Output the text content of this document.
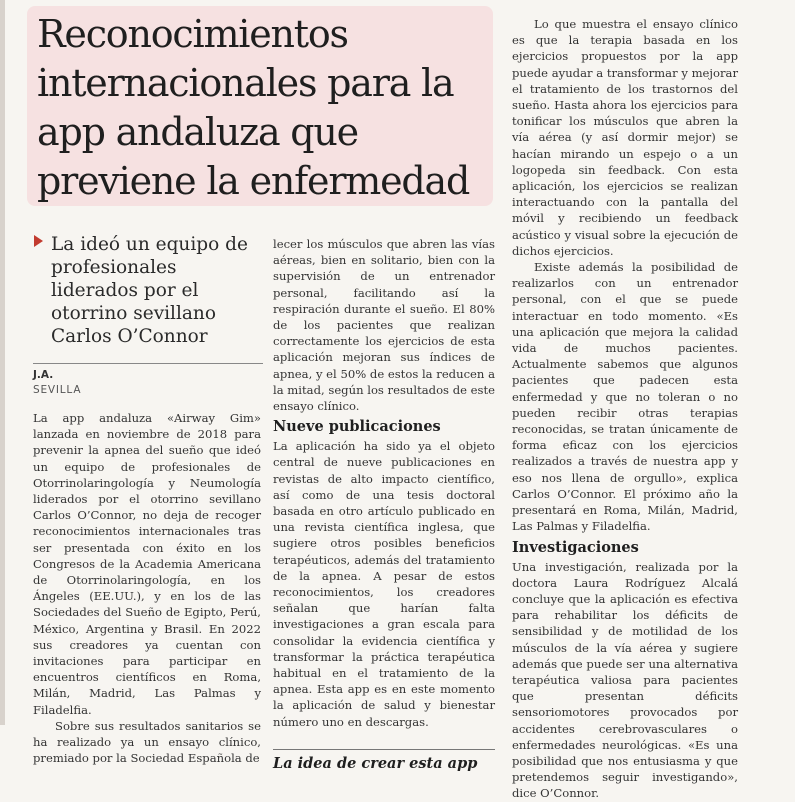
Reconocimientos internacionales para la app andaluza que previene la enfermedad

La ideó un equipo de profesionales liderados por el otorrino sevillano Carlos O’Connor

J.A.
SEVILLA

La app andaluza «Airway Gim» lanzada en noviembre de 2018 para prevenir la apnea del sueño que ideó un equipo de profesionales de Otorrinolaringología y Neumología liderados por el otorrino sevillano Carlos O’Connor, no deja de recoger reconocimientos internacionales tras ser presentada con éxito en los Congresos de la Academia Americana de Otorrinolaringología, en los Ángeles (EE.UU.), y en los de las Sociedades del Sueño de Egipto, Perú, México, Argentina y Brasil. En 2022 sus creadores ya cuentan con invitaciones para participar en encuentros científicos en Roma, Milán, Madrid, Las Palmas y Filadelfia.

Sobre sus resultados sanitarios se ha realizado ya un ensayo clínico, premiado por la Sociedad Española de

lecer los músculos que abren las vías aéreas, bien en solitario, bien con la supervisión de un entrenador personal, facilitando así la respiración durante el sueño. El 80% de los pacientes que realizan correctamente los ejercicios de esta aplicación mejoran sus índices de apnea, y el 50% de estos la reducen a la mitad, según los resultados de este ensayo clínico.

Nueve publicaciones

La aplicación ha sido ya el objeto central de nueve publicaciones en revistas de alto impacto científico, así como de una tesis doctoral basada en otro artículo publicado en una revista científica inglesa, que sugiere otros posibles beneficios terapéuticos, además del tratamiento de la apnea. A pesar de estos reconocimientos, los creadores señalan que harían falta investigaciones a gran escala para consolidar la evidencia científica y transformar la práctica terapéutica habitual en el tratamiento de la apnea. Esta app es en este momento la aplicación de salud y bienestar número uno en descargas.

La idea de crear esta app

Lo que muestra el ensayo clínico es que la terapia basada en los ejercicios propuestos por la app puede ayudar a transformar y mejorar el tratamiento de los trastornos del sueño. Hasta ahora los ejercicios para tonificar los músculos que abren la vía aérea (y así dormir mejor) se hacían mirando un espejo o a un logopeda sin feedback. Con esta aplicación, los ejercicios se realizan interactuando con la pantalla del móvil y recibiendo un feedback acústico y visual sobre la ejecución de dichos ejercicios.

Existe además la posibilidad de realizarlos con un entrenador personal, con el que se puede interactuar en todo momento. «Es una aplicación que mejora la calidad vida de muchos pacientes. Actualmente sabemos que algunos pacientes que padecen esta enfermedad y que no toleran o no pueden recibir otras terapias reconocidas, se tratan únicamente de forma eficaz con los ejercicios realizados a través de nuestra app y eso nos llena de orgullo», explica Carlos O’Connor. El próximo año la presentará en Roma, Milán, Madrid, Las Palmas y Filadelfia.

Investigaciones

Una investigación, realizada por la doctora Laura Rodríguez Alcalá concluye que la aplicación es efectiva para rehabilitar los déficits de sensibilidad y de motilidad de los músculos de la vía aérea y sugiere además que puede ser una alternativa terapéutica valiosa para pacientes que presentan déficits sensoriomotores provocados por accidentes cerebrovasculares o enfermedades neurológicas. «Es una posibilidad que nos entusiasma y que pretendemos seguir investigando», dice O’Connor.
